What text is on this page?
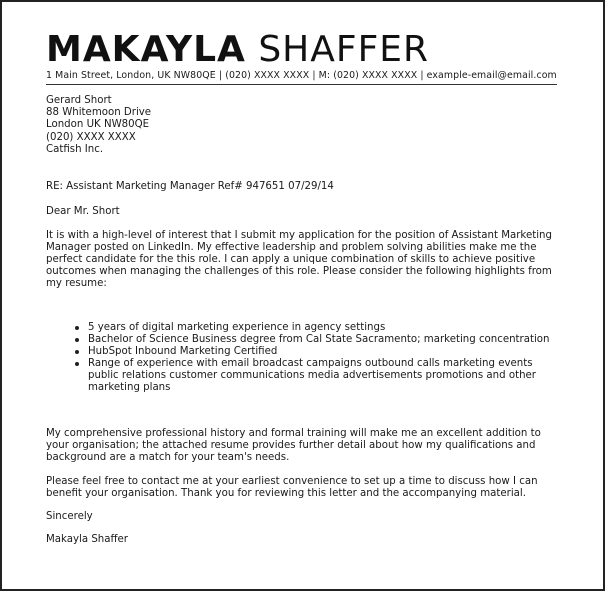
MAKAYLA SHAFFER
1 Main Street, London, UK NW80QE | (020) XXXX XXXX | M: (020) XXXX XXXX | example-email@email.com
Gerard Short
88 Whitemoon Drive
London UK NW80QE
(020) XXXX XXXX
Catfish Inc.
RE: Assistant Marketing Manager Ref# 947651 07/29/14
Dear Mr. Short
It is with a high-level of interest that I submit my application for the position of Assistant Marketing Manager posted on LinkedIn. My effective leadership and problem solving abilities make me the perfect candidate for the this role. I can apply a unique combination of skills to achieve positive outcomes when managing the challenges of this role. Please consider the following highlights from my resume:
5 years of digital marketing experience in agency settings
Bachelor of Science Business degree from Cal State Sacramento; marketing concentration
HubSpot Inbound Marketing Certified
Range of experience with email broadcast campaigns outbound calls marketing events public relations customer communications media advertisements promotions and other marketing plans
My comprehensive professional history and formal training will make me an excellent addition to your organisation; the attached resume provides further detail about how my qualifications and background are a match for your team's needs.
Please feel free to contact me at your earliest convenience to set up a time to discuss how I can benefit your organisation. Thank you for reviewing this letter and the accompanying material.
Sincerely
Makayla Shaffer
